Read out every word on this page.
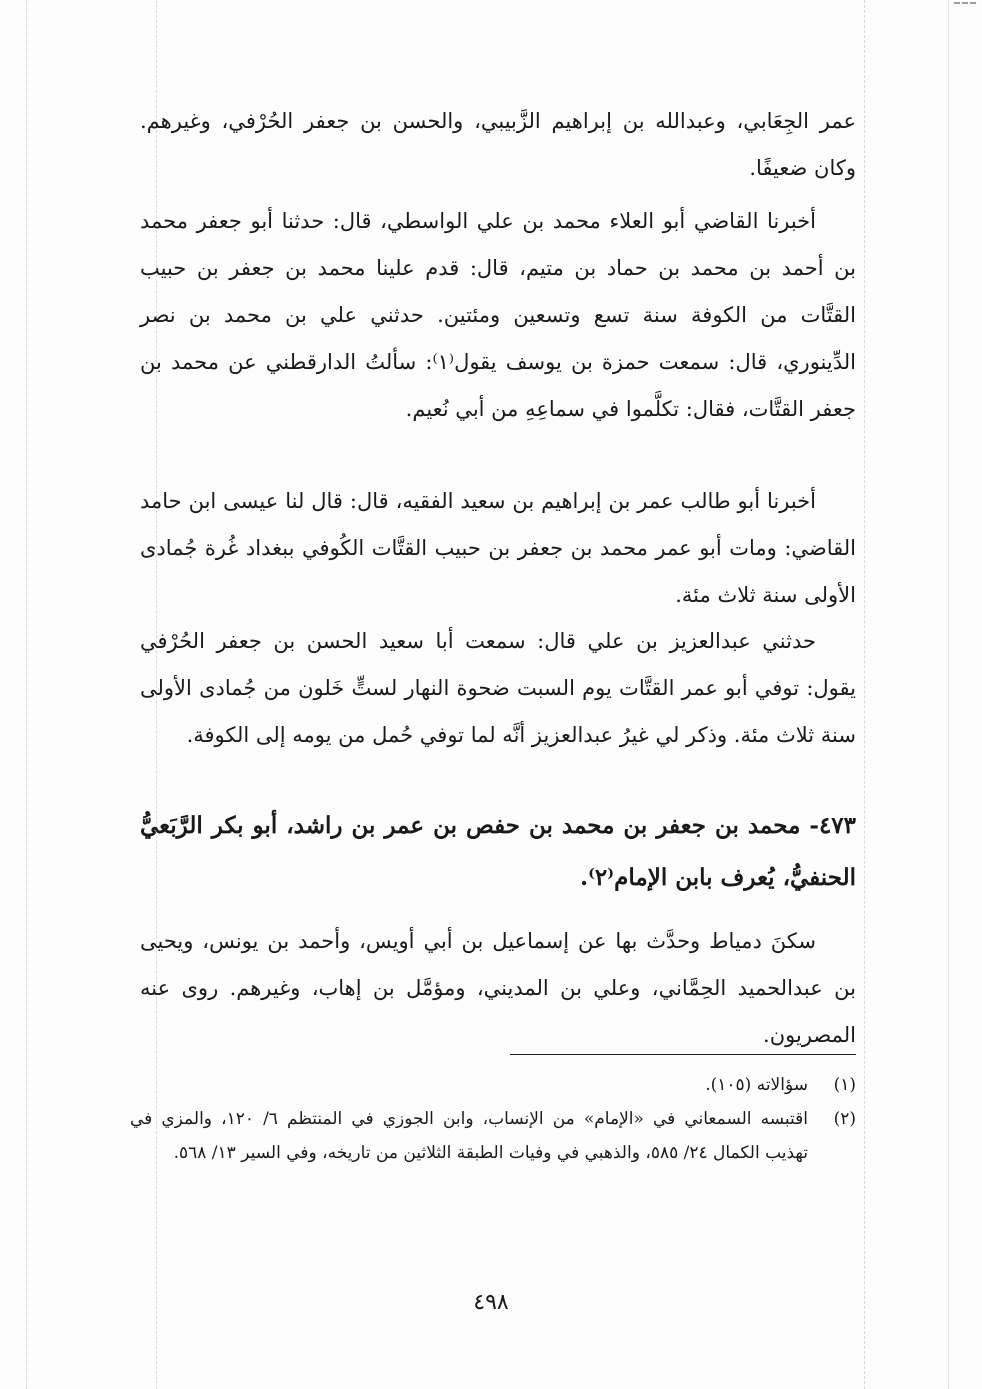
عمر الجِعَابي، وعبدالله بن إبراهيم الزَّبيبي، والحسن بن جعفر الحُرْفي، وغيرهم. وكان ضعيفًا.

أخبرنا القاضي أبو العلاء محمد بن علي الواسطي، قال: حدثنا أبو جعفر محمد بن أحمد بن محمد بن حماد بن متيم، قال: قدم علينا محمد بن جعفر بن حبيب القتَّات من الكوفة سنة تسع وتسعين ومئتين. حدثني علي بن محمد بن نصر الدِّينوري، قال: سمعت حمزة بن يوسف يقول⁽١⁾: سألتُ الدارقطني عن محمد بن جعفر القتَّات، فقال: تكلَّموا في سماعِهِ من أبي نُعيم.

أخبرنا أبو طالب عمر بن إبراهيم بن سعيد الفقيه، قال: قال لنا عيسى ابن حامد القاضي: ومات أبو عمر محمد بن جعفر بن حبيب القتَّات الكُوفي ببغداد غُرة جُمادى الأولى سنة ثلاث مئة.

حدثني عبدالعزيز بن علي قال: سمعت أبا سعيد الحسن بن جعفر الحُرْفي يقول: توفي أبو عمر القتَّات يوم السبت ضحوة النهار لستٍّ خَلون من جُمادى الأولى سنة ثلاث مئة. وذكر لي غيرُ عبدالعزيز أنَّه لما توفي حُمل من يومه إلى الكوفة.

٤٧٣- محمد بن جعفر بن محمد بن حفص بن عمر بن راشد، أبو بكر الرَّبَعيُّ الحنفيُّ، يُعرف بابن الإمام⁽٢⁾.

سكنَ دمياط وحدَّث بها عن إسماعيل بن أبي أويس، وأحمد بن يونس، ويحيى بن عبدالحميد الحِمَّاني، وعلي بن المديني، ومؤمَّل بن إهاب، وغيرهم. روى عنه المصريون.

(١)
سؤالاته (١٠٥).
(٢)
اقتبسه السمعاني في «الإمام» من الإنساب، وابن الجوزي في المنتظم ٦/ ١٢٠، والمزي في تهذيب الكمال ٢٤/ ٥٨٥، والذهبي في وفيات الطبقة الثلاثين من تاريخه، وفي السير ١٣/ ٥٦٨.
٤٩٨
